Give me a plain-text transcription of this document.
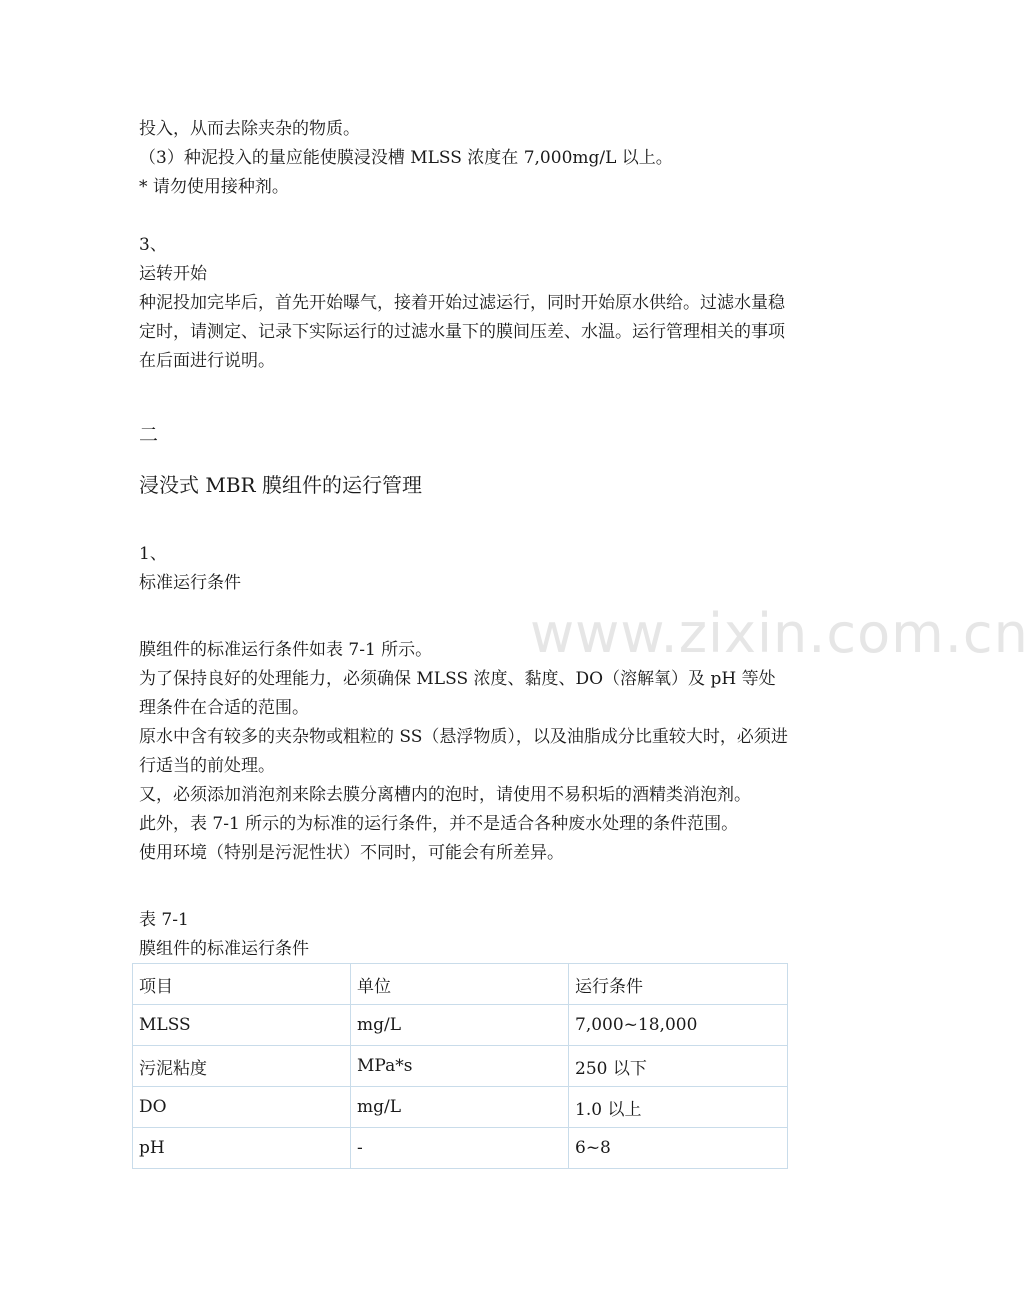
www.zixin.com.cn

投入，从而去除夹杂的物质。

（3）种泥投入的量应能使膜浸没槽 MLSS 浓度在 7,000mg/L 以上。

* 请勿使用接种剂。

3、

运转开始

种泥投加完毕后，首先开始曝气，接着开始过滤运行，同时开始原水供给。过滤水量稳定时，请测定、记录下实际运行的过滤水量下的膜间压差、水温。运行管理相关的事项在后面进行说明。

二

浸没式 MBR 膜组件的运行管理

1、

标准运行条件

膜组件的标准运行条件如表 7-1 所示。

为了保持良好的处理能力，必须确保 MLSS 浓度、黏度、DO（溶解氧）及 pH 等处理条件在合适的范围。

原水中含有较多的夹杂物或粗粒的 SS（悬浮物质），以及油脂成分比重较大时，必须进行适当的前处理。

又，必须添加消泡剂来除去膜分离槽内的泡时，请使用不易积垢的酒精类消泡剂。

此外，表 7-1 所示的为标准的运行条件，并不是适合各种废水处理的条件范围。

使用环境（特别是污泥性状）不同时，可能会有所差异。

表 7-1

膜组件的标准运行条件

项目	单位	运行条件
MLSS	mg/L	7,000~18,000
污泥粘度	MPa*s	250 以下
DO	mg/L	1.0 以上
pH	-	6~8
